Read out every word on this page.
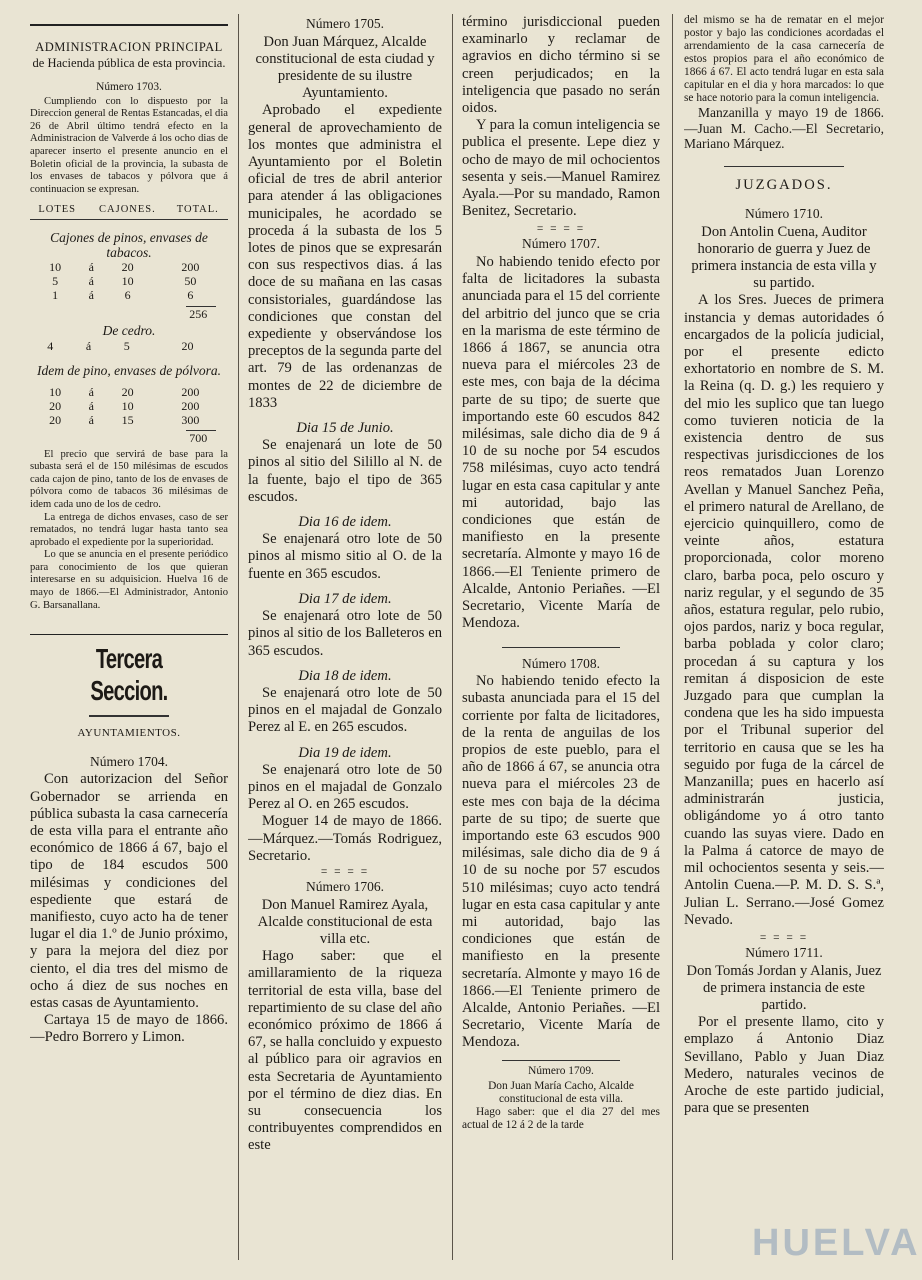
ADMINISTRACION PRINCIPAL
de Hacienda pública de esta provincia.
Número 1703.

Cumpliendo con lo dispuesto por la Direccion general de Rentas Estancadas, el dia 26 de Abril último tendrá efecto en la Administracion de Valverde á los ocho dias de aparecer inserto el presente anuncio en el Boletin oficial de la provincia, la subasta de los envases de tabacos y pólvora que á continuacion se expresan.

LOTES		CAJONES.	TOTAL.

Cajones de pinos, envases de tabacos.

10	á	20	200
5	á	10	50
1	á	6	6
	256

De cedro.

4	á	5	20

Idem de pino, envases de pólvora.

10	á	20	200
20	á	10	200
20	á	15	300
	700

El precio que servirá de base para la subasta será el de 150 milésimas de escudos cada cajon de pino, tanto de los de envases de pólvora como de tabacos 36 milésimas de idem cada uno de los de cedro.

La entrega de dichos envases, caso de ser rematados, no tendrá lugar hasta tanto sea aprobado el expediente por la superioridad.

Lo que se anuncia en el presente periódico para conocimiento de los que quieran interesarse en su adquisicion. Huelva 16 de mayo de 1866.—El Administrador, Antonio G. Barsanallana.

Tercera Seccion.
AYUNTAMIENTOS.
Número 1704.

Con autorizacion del Señor Gobernador se arrienda en pública subasta la casa carnecería de esta villa para el entrante año económico de 1866 á 67, bajo el tipo de 184 escudos 500 milésimas y condiciones del espediente que estará de manifiesto, cuyo acto ha de tener lugar el dia 1.º de Junio próximo, y para la mejora del diez por ciento, el dia tres del mismo de ocho á diez de sus noches en estas casas de Ayuntamiento.

Cartaya 15 de mayo de 1866.—Pedro Borrero y Limon.

Número 1705.

Don Juan Márquez, Alcalde constitucional de esta ciudad y presidente de su ilustre Ayuntamiento.

Aprobado el expediente general de aprovechamiento de los montes que administra el Ayuntamiento por el Boletin oficial de tres de abril anterior para atender á las obligaciones municipales, he acordado se proceda á la subasta de los 5 lotes de pinos que se expresarán con sus respectivos dias. á las doce de su mañana en las casas consistoriales, guardándose las condiciones que constan del expediente y observándose los preceptos de la segunda parte del art. 79 de las ordenanzas de montes de 22 de diciembre de 1833

Dia 15 de Junio.

Se enajenará un lote de 50 pinos al sitio del Silillo al N. de la fuente, bajo el tipo de 365 escudos.

Dia 16 de idem.

Se enajenará otro lote de 50 pinos al mismo sitio al O. de la fuente en 365 escudos.

Dia 17 de idem.

Se enajenará otro lote de 50 pinos al sitio de los Balleteros en 365 escudos.

Dia 18 de idem.

Se enajenará otro lote de 50 pinos en el majadal de Gonzalo Perez al E. en 265 escudos.

Dia 19 de idem.

Se enajenará otro lote de 50 pinos en el majadal de Gonzalo Perez al O. en 265 escudos.

Moguer 14 de mayo de 1866.—Márquez.—Tomás Rodriguez, Secretario.

= = = =
Número 1706.

Don Manuel Ramirez Ayala, Alcalde constitucional de esta villa etc.

Hago saber: que el amillaramiento de la riqueza territorial de esta villa, base del repartimiento de su clase del año económico próximo de 1866 á 67, se halla concluido y expuesto al público para oir agravios en esta Secretaria de Ayuntamiento por el término de diez dias. En su consecuencia los contribuyentes comprendidos en este

término jurisdiccional pueden examinarlo y reclamar de agravios en dicho término si se creen perjudicados; en la inteligencia que pasado no serán oidos.

Y para la comun inteligencia se publica el presente. Lepe diez y ocho de mayo de mil ochocientos sesenta y seis.—Manuel Ramirez Ayala.—Por su mandado, Ramon Benitez, Secretario.

= = = =
Número 1707.

No habiendo tenido efecto por falta de licitadores la subasta anunciada para el 15 del corriente del arbitrio del junco que se cria en la marisma de este término de 1866 á 1867, se anuncia otra nueva para el miércoles 23 de este mes, con baja de la décima parte de su tipo; de suerte que importando este 60 escudos 842 milésimas, sale dicho dia de 9 á 10 de su noche por 54 escudos 758 milésimas, cuyo acto tendrá lugar en esta casa capitular y ante mi autoridad, bajo las condiciones que están de manifiesto en la presente secretaría. Almonte y mayo 16 de 1866.—El Teniente primero de Alcalde, Antonio Periañes. —El Secretario, Vicente María de Mendoza.

Número 1708.

No habiendo tenido efecto la subasta anunciada para el 15 del corriente por falta de licitadores, de la renta de anguilas de los propios de este pueblo, para el año de 1866 á 67, se anuncia otra nueva para el miércoles 23 de este mes con baja de la décima parte de su tipo; de suerte que importando este 63 escudos 900 milésimas, sale dicho dia de 9 á 10 de su noche por 57 escudos 510 milésimas; cuyo acto tendrá lugar en esta casa capitular y ante mi autoridad, bajo las condiciones que están de manifiesto en la presente secretaría. Almonte y mayo 16 de 1866.—El Teniente primero de Alcalde, Antonio Periañes. —El Secretario, Vicente María de Mendoza.

Número 1709.

Don Juan María Cacho, Alcalde constitucional de esta villa.

Hago saber: que el dia 27 del mes actual de 12 á 2 de la tarde

del mismo se ha de rematar en el mejor postor y bajo las condiciones acordadas el arrendamiento de la casa carnecería de estos propios para el año económico de 1866 á 67. El acto tendrá lugar en esta sala capitular en el dia y hora marcados: lo que se hace notorio para la comun inteligencia.

Manzanilla y mayo 19 de 1866. —Juan M. Cacho.—El Secretario, Mariano Márquez.

JUZGADOS.
Número 1710.

Don Antolin Cuena, Auditor honorario de guerra y Juez de primera instancia de esta villa y su partido.

A los Sres. Jueces de primera instancia y demas autoridades ó encargados de la policía judicial, por el presente edicto exhortatorio en nombre de S. M. la Reina (q. D. g.) les requiero y del mio les suplico que tan luego como tuvieren noticia de la existencia dentro de sus respectivas jurisdicciones de los reos rematados Juan Lorenzo Avellan y Manuel Sanchez Peña, el primero natural de Arellano, de ejercicio quinquillero, como de veinte años, estatura proporcionada, color moreno claro, barba poca, pelo oscuro y nariz regular, y el segundo de 35 años, estatura regular, pelo rubio, ojos pardos, nariz y boca regular, barba poblada y color claro; procedan á su captura y los remitan á disposicion de este Juzgado para que cumplan la condena que les ha sido impuesta por el Tribunal superior del territorio en causa que se les ha seguido por fuga de la cárcel de Manzanilla; pues en hacerlo así administrarán justicia, obligándome yo á otro tanto cuando las suyas viere. Dado en la Palma á catorce de mayo de mil ochocientos sesenta y seis.—Antolin Cuena.—P. M. D. S. S.ª, Julian L. Serrano.—José Gomez Nevado.

= = = =
Número 1711.

Don Tomás Jordan y Alanis, Juez de primera instancia de este partido.

Por el presente llamo, cito y emplazo á Antonio Diaz Sevillano, Pablo y Juan Diaz Medero, naturales vecinos de Aroche de este partido judicial, para que se presenten

HUELVA
